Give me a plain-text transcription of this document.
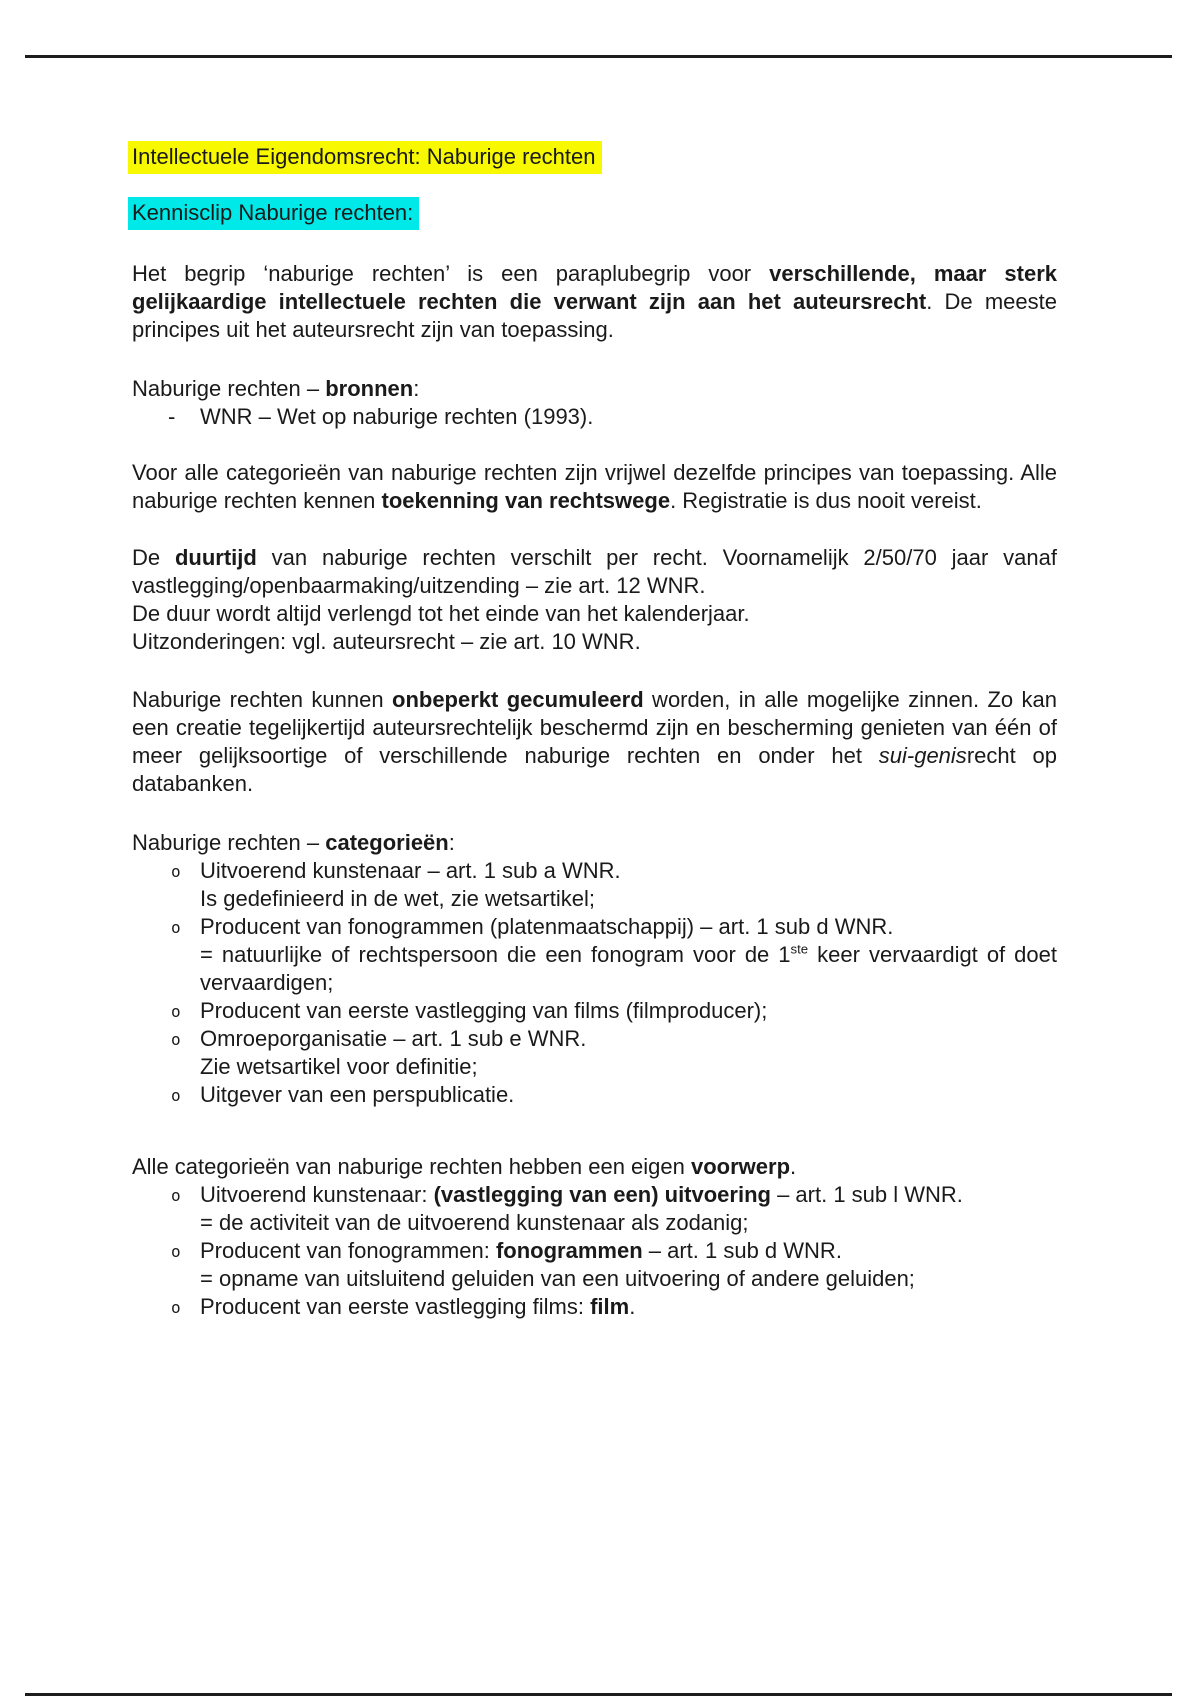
Intellectuele Eigendomsrecht: Naburige rechten
Kennisclip Naburige rechten:

Het begrip ‘naburige rechten’ is een paraplubegrip voor verschillende, maar sterk gelijkaardige intellectuele rechten die verwant zijn aan het auteursrecht. De meeste principes uit het auteursrecht zijn van toepassing.

Naburige rechten – bronnen:

- WNR – Wet op naburige rechten (1993).

Voor alle categorieën van naburige rechten zijn vrijwel dezelfde principes van toepassing. Alle naburige rechten kennen toekenning van rechtswege. Registratie is dus nooit vereist.

De duurtijd van naburige rechten verschilt per recht. Voornamelijk 2/50/70 jaar vanaf vastlegging/openbaarmaking/uitzending – zie art. 12 WNR.

De duur wordt altijd verlengd tot het einde van het kalenderjaar.

Uitzonderingen: vgl. auteursrecht – zie art. 10 WNR.

Naburige rechten kunnen onbeperkt gecumuleerd worden, in alle mogelijke zinnen. Zo kan een creatie tegelijkertijd auteursrechtelijk beschermd zijn en bescherming genieten van één of meer gelijksoortige of verschillende naburige rechten en onder het sui-genisrecht op databanken.

Naburige rechten – categorieën:

o Uitvoerend kunstenaar – art. 1 sub a WNR.
Is gedefinieerd in de wet, zie wetsartikel;
o Producent van fonogrammen (platenmaatschappij) – art. 1 sub d WNR.
= natuurlijke of rechtspersoon die een fonogram voor de 1ste keer vervaardigt of doet vervaardigen;
o Producent van eerste vastlegging van films (filmproducer);
o Omroeporganisatie – art. 1 sub e WNR.
Zie wetsartikel voor definitie;
o Uitgever van een perspublicatie.

Alle categorieën van naburige rechten hebben een eigen voorwerp.

o Uitvoerend kunstenaar: (vastlegging van een) uitvoering – art. 1 sub l WNR.
= de activiteit van de uitvoerend kunstenaar als zodanig;
o Producent van fonogrammen: fonogrammen – art. 1 sub d WNR.
= opname van uitsluitend geluiden van een uitvoering of andere geluiden;
o Producent van eerste vastlegging films: film.
